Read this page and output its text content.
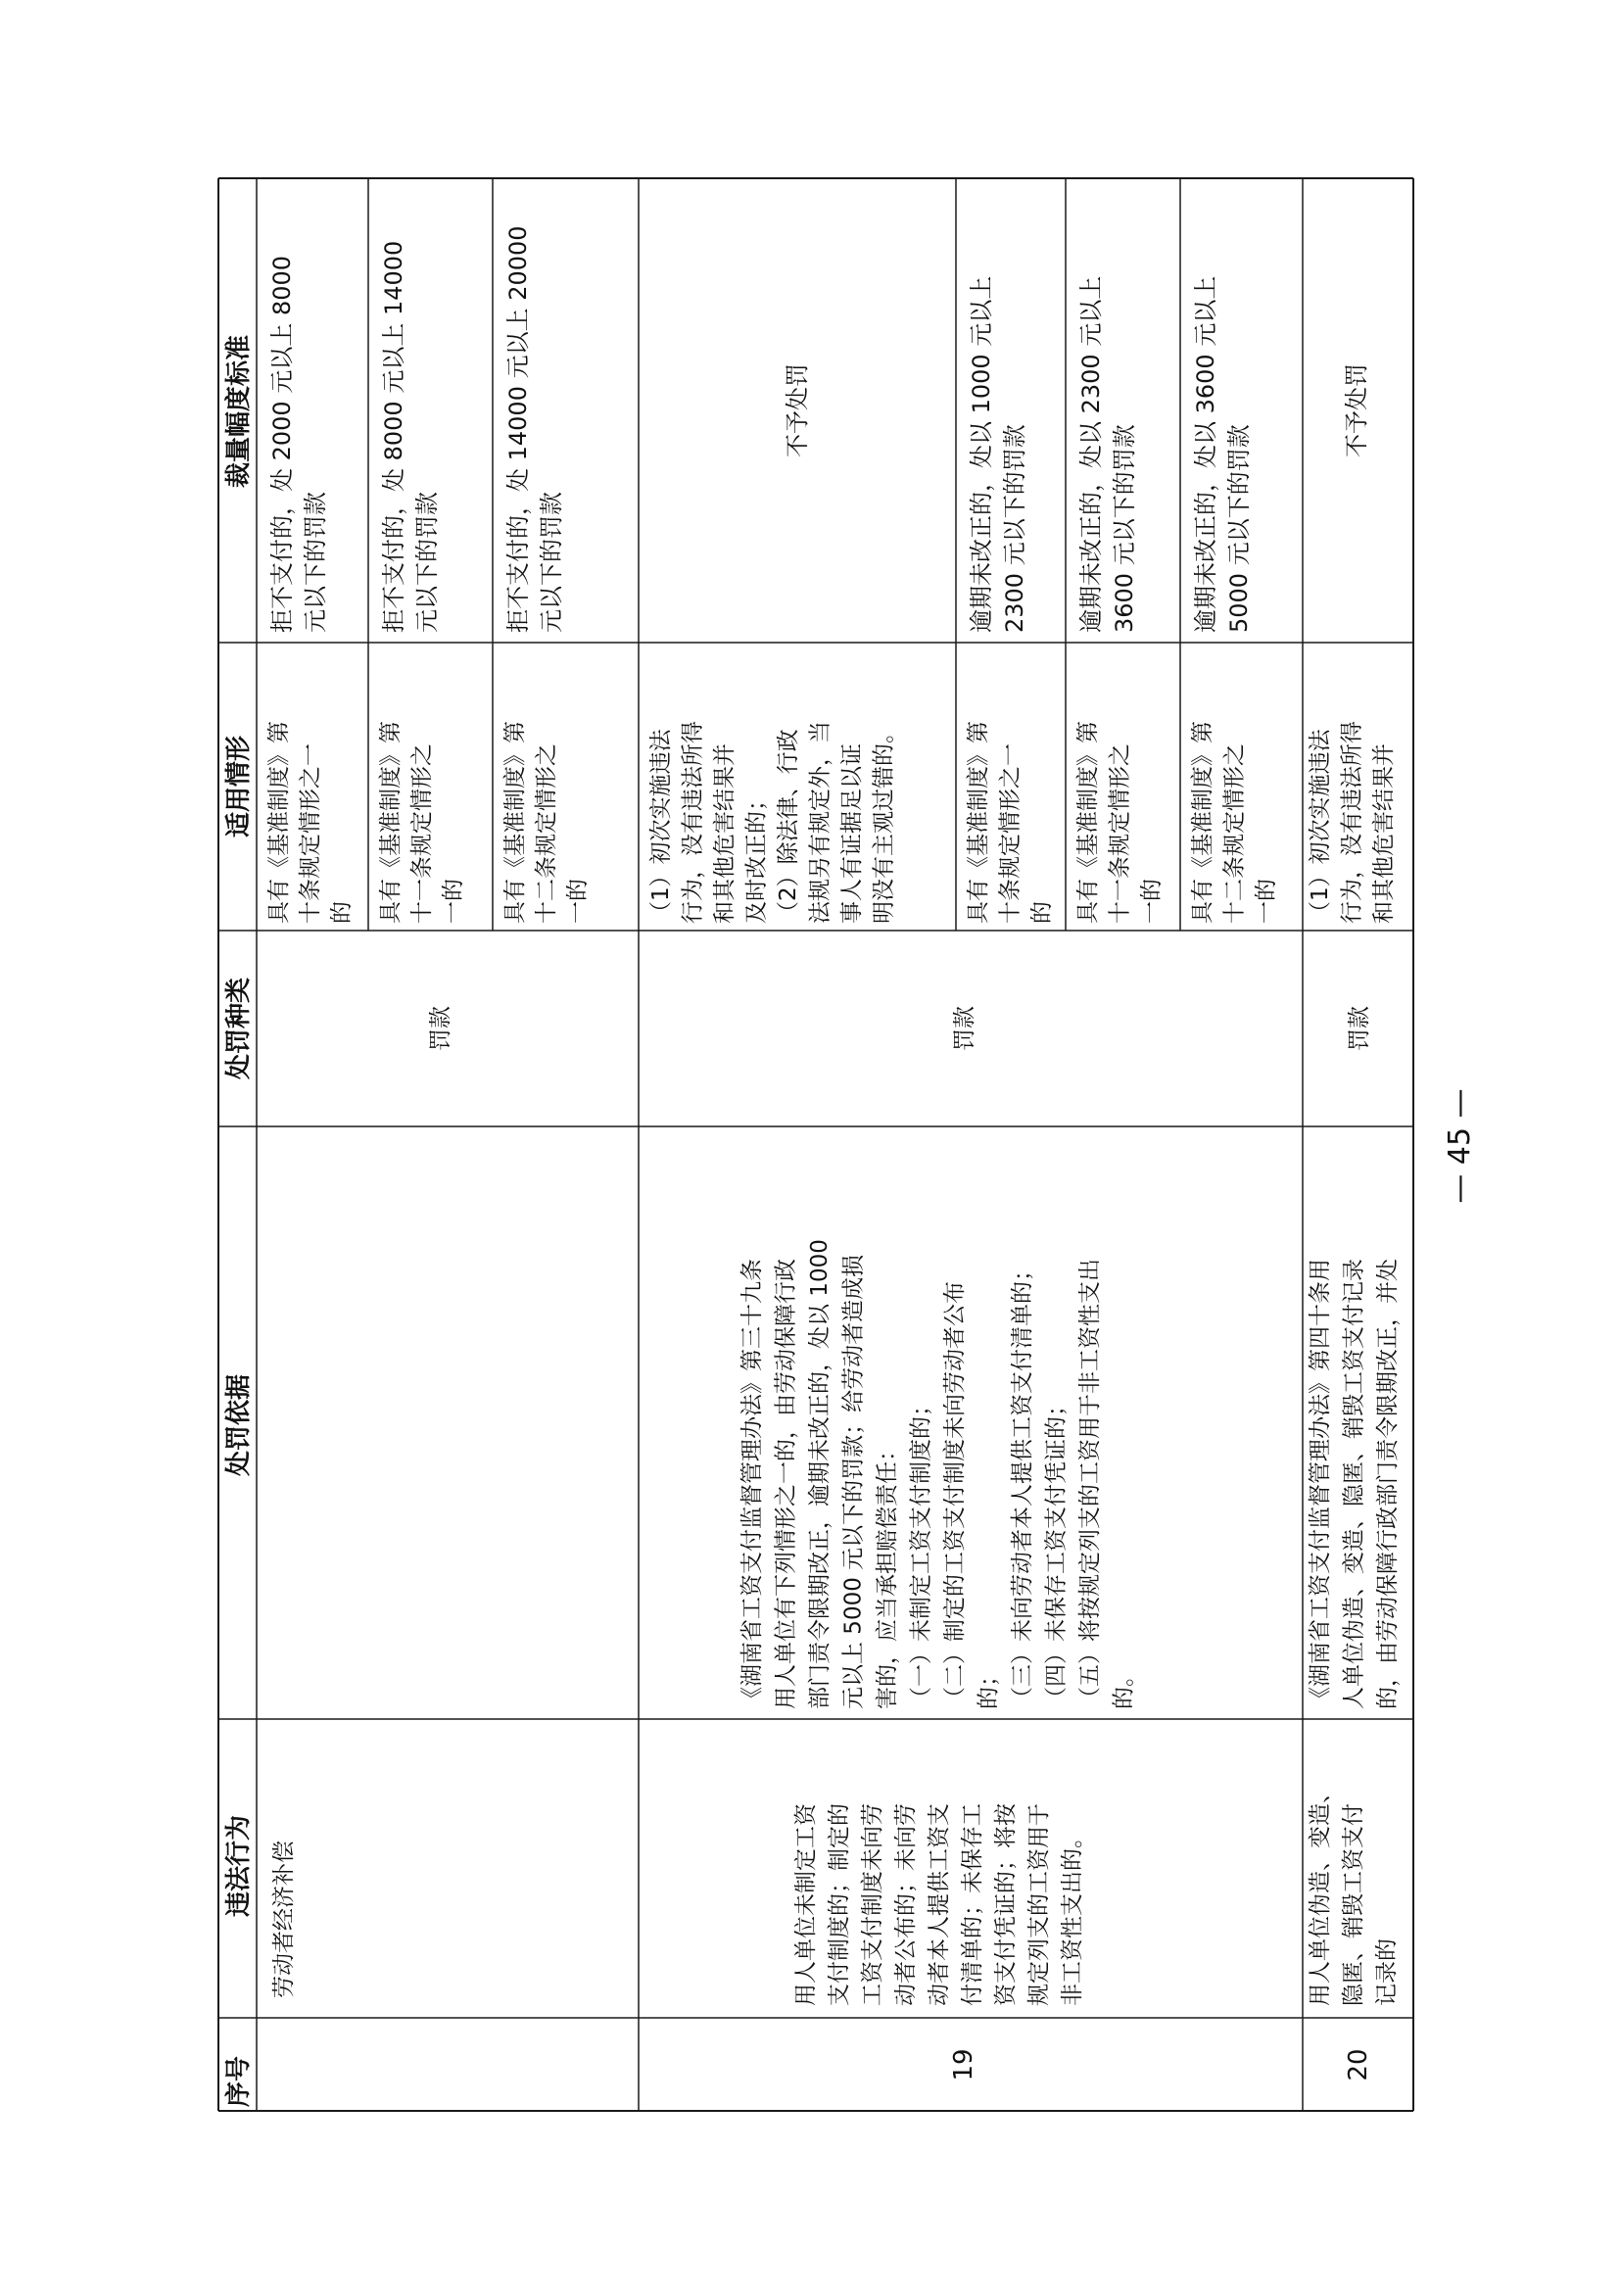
序号
违法行为
处罚依据
处罚种类
适用情形
裁量幅度标准
劳动者经济补偿
罚款
具有《基准制度》第 十条规定情形之一 的
拒不支付的，处 2000 元以上 8000 元以下的罚款
具有《基准制度》第 十一条规定情形之 一的
拒不支付的，处 8000 元以上 14000 元以下的罚款
具有《基准制度》第 十二条规定情形之 一的
拒不支付的，处 14000 元以上 20000 元以下的罚款
19
用人单位未制定工资 支付制度的；制定的 工资支付制度未向劳 动者公布的；未向劳 动者本人提供工资支 付清单的；未保存工 资支付凭证的；将按 规定列支的工资用于 非工资性支出的。
《湖南省工资支付监督管理办法》第三十九条 用人单位有下列情形之一的，由劳动保障行政 部门责令限期改正，逾期未改正的，处以 1000 元以上 5000 元以下的罚款；给劳动者造成损 害的，应当承担赔偿责任： （一）未制定工资支付制度的； （二）制定的工资支付制度未向劳动者公布 的； （三）未向劳动者本人提供工资支付清单的； （四）未保存工资支付凭证的； （五）将按规定列支的工资用于非工资性支出 的。
罚款
（1）初次实施违法 行为，没有违法所得 和其他危害结果并 及时改正的； （2）除法律、行政 法规另有规定外，当 事人有证据足以证 明没有主观过错的。
不予处罚
具有《基准制度》第 十条规定情形之一 的
逾期未改正的，处以 1000 元以上 2300 元以下的罚款
具有《基准制度》第 十一条规定情形之 一的
逾期未改正的，处以 2300 元以上 3600 元以下的罚款
具有《基准制度》第 十二条规定情形之 一的
逾期未改正的，处以 3600 元以上 5000 元以下的罚款
20
用人单位伪造、变造、 隐匿、销毁工资支付 记录的
《湖南省工资支付监督管理办法》第四十条用 人单位伪造、变造、隐匿、销毁工资支付记录 的，由劳动保障行政部门责令限期改正，并处
罚款
（1）初次实施违法 行为，没有违法所得 和其他危害结果并
不予处罚
— 45 —
